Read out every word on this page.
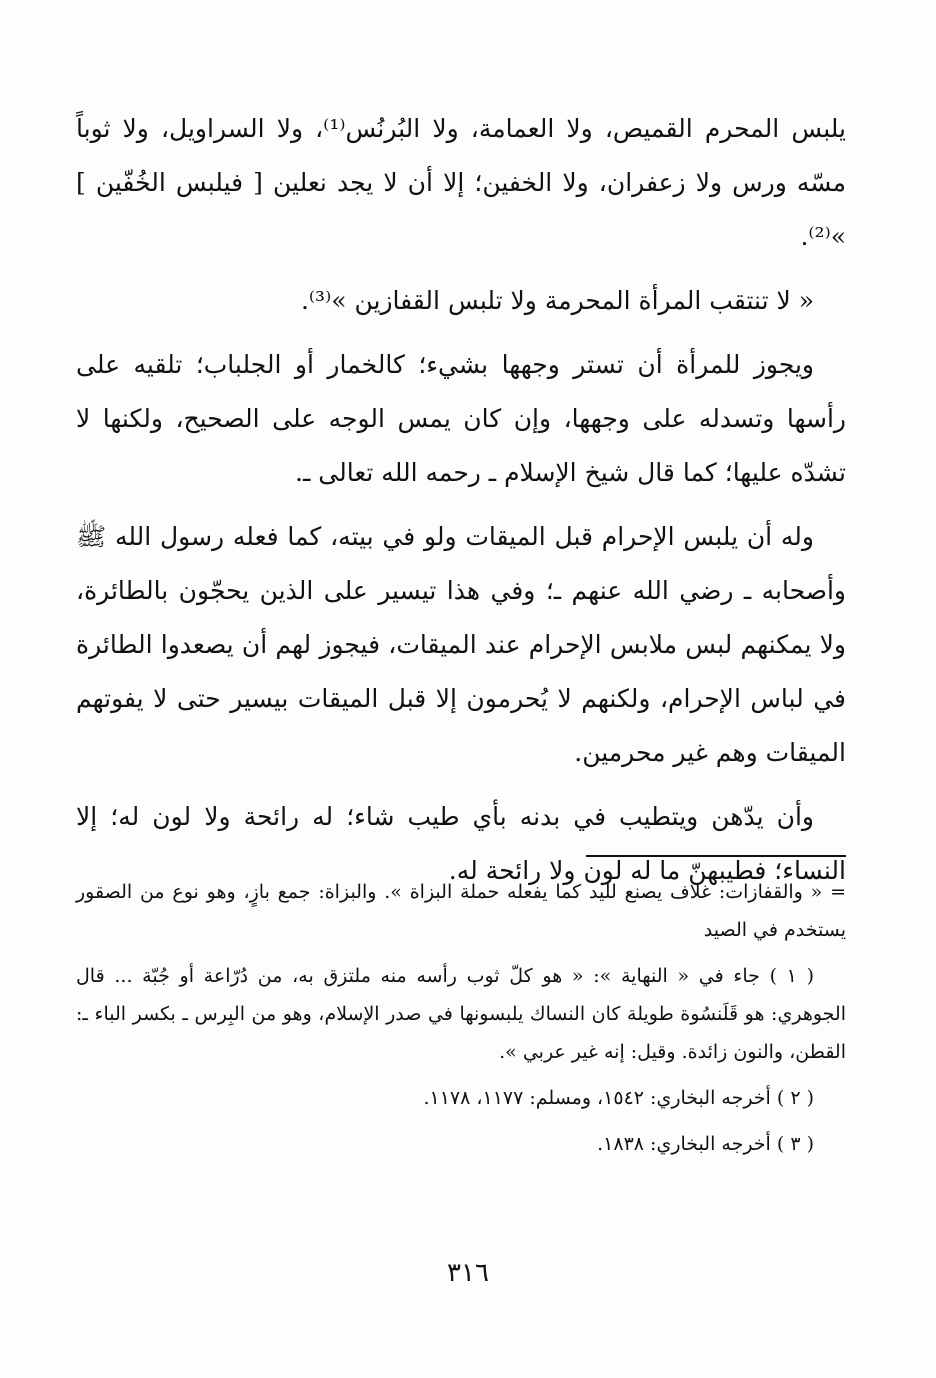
يلبس المحرم القميص، ولا العمامة، ولا البُرنُس⁽¹⁾، ولا السراويل، ولا ثوباً مسّه ورس ولا زعفران، ولا الخفين؛ إلا أن لا يجد نعلين [ فيلبس الخُفّين ] »⁽²⁾.

« لا تنتقب المرأة المحرمة ولا تلبس القفازين »⁽³⁾.

ويجوز للمرأة أن تستر وجهها بشيء؛ كالخمار أو الجلباب؛ تلقيه على رأسها وتسدله على وجهها، وإن كان يمس الوجه على الصحيح، ولكنها لا تشدّه عليها؛ كما قال شيخ الإسلام ـ رحمه الله تعالى ـ.

وله أن يلبس الإحرام قبل الميقات ولو في بيته، كما فعله رسول الله ﷺ وأصحابه ـ رضي الله عنهم ـ؛ وفي هذا تيسير على الذين يحجّون بالطائرة، ولا يمكنهم لبس ملابس الإحرام عند الميقات، فيجوز لهم أن يصعدوا الطائرة في لباس الإحرام، ولكنهم لا يُحرمون إلا قبل الميقات بيسير حتى لا يفوتهم الميقات وهم غير محرمين.

وأن يدّهن ويتطيب في بدنه بأي طيب شاء؛ له رائحة ولا لون له؛ إلا النساء؛ فطيبهنّ ما له لون ولا رائحة له.

= « والقفازات: غلاف يصنع لليد كما يفعله حملة البزاة ». والبزاة: جمع بازٍ، وهو نوع من الصقور يستخدم في الصيد

( ١ ) جاء في « النهاية »: « هو كلّ ثوب رأسه منه ملتزق به، من دُرّاعة أو جُبّة ... قال الجوهري: هو قَلَنسُوة طويلة كان النساك يلبسونها في صدر الإسلام، وهو من البِرس ـ بكسر الباء ـ: القطن، والنون زائدة. وقيل: إنه غير عربي ».

( ٢ ) أخرجه البخاري: ١٥٤٢، ومسلم: ١١٧٧، ١١٧٨.

( ٣ ) أخرجه البخاري: ١٨٣٨.

٣١٦
